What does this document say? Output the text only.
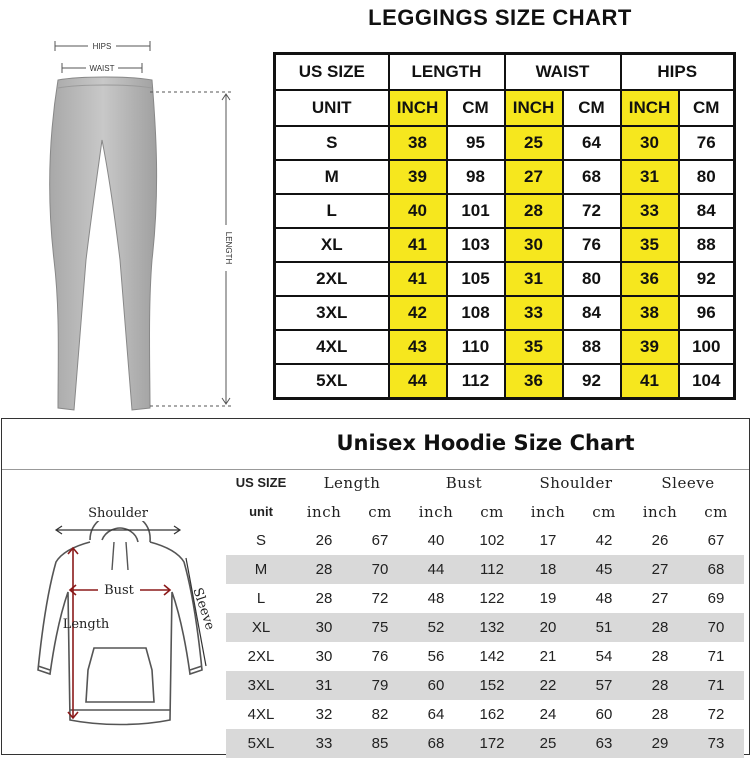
LEGGINGS SIZE CHART
HIPS
WAIST
LENGTH
US SIZE	LENGTH		WAIST		HIPS	
UNIT	INCH	CM	INCH	CM	INCH	CM
S	38	95	25	64	30	76
M	39	98	27	68	31	80
L	40	101	28	72	33	84
XL	41	103	30	76	35	88
2XL	41	105	31	80	36	92
3XL	42	108	33	84	38	96
4XL	43	110	35	88	39	100
5XL	44	112	36	92	41	104
Unisex Hoodie Size Chart
Shoulder
Bust
Length	Sleeve
US SIZE	Length		Bust		Shoulder		Sleeve	
unit	inch	cm	inch	cm	inch	cm	inch	cm
S	26	67	40	102	17	42	26	67
M	28	70	44	112	18	45	27	68
L	28	72	48	122	19	48	27	69
XL	30	75	52	132	20	51	28	70
2XL	30	76	56	142	21	54	28	71
3XL	31	79	60	152	22	57	28	71
4XL	32	82	64	162	24	60	28	72
5XL	33	85	68	172	25	63	29	73
